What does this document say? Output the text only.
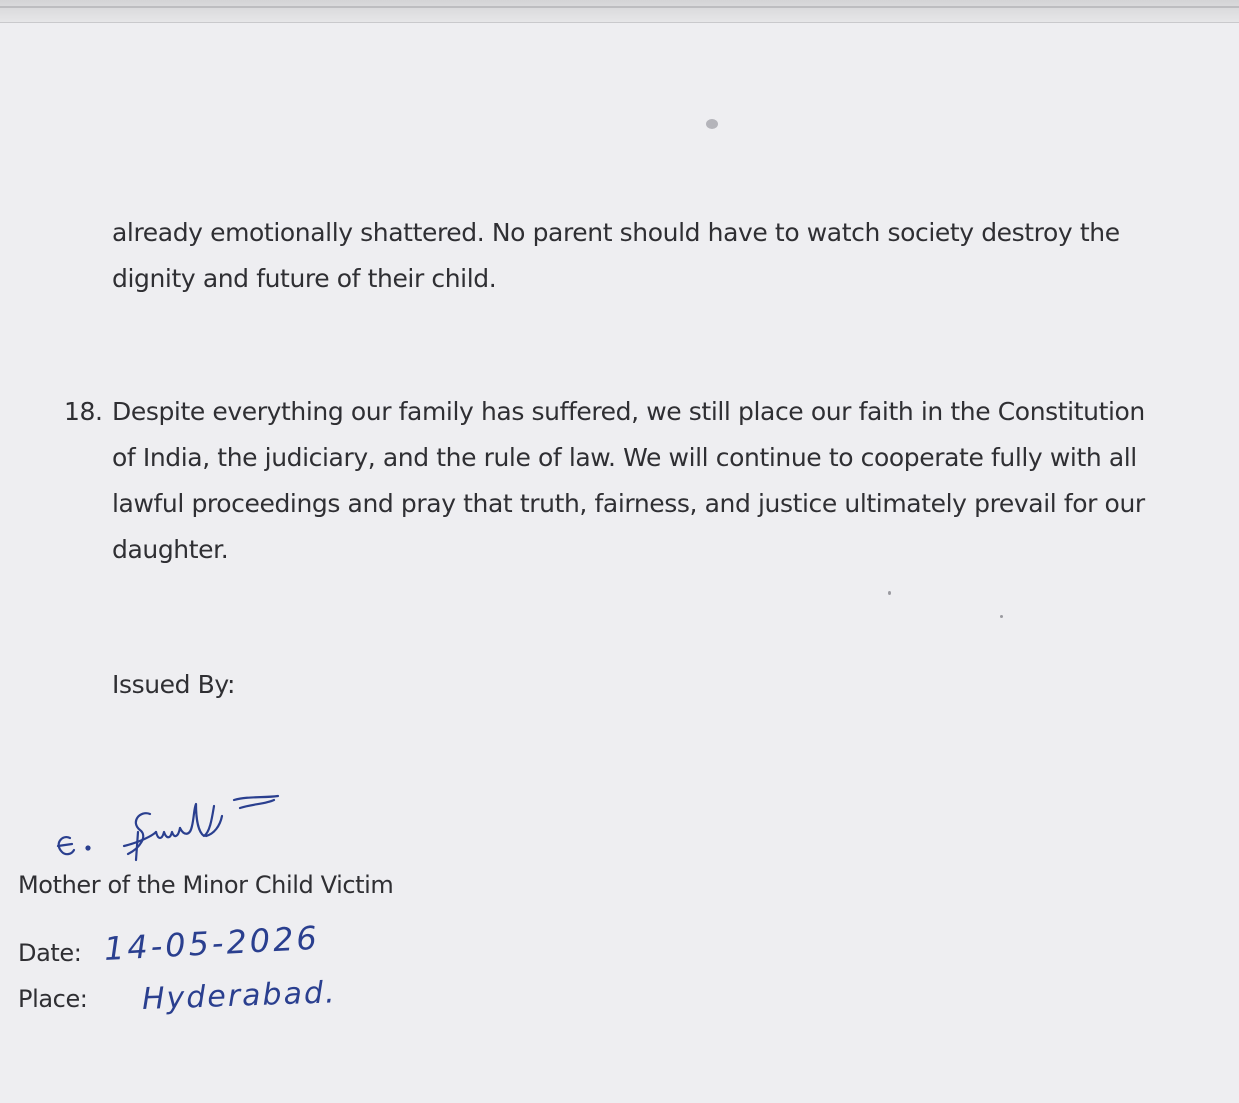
already emotionally shattered. No parent should have to watch society destroy the
dignity and future of their child.
18. Despite everything our family has suffered, we still place our faith in the Constitution
of India, the judiciary, and the rule of law. We will continue to cooperate fully with all
lawful proceedings and pray that truth, fairness, and justice ultimately prevail for our
daughter.
Issued By:
Mother of the Minor Child Victim
Date: 14-05-2026
Place: Hyderabad.
